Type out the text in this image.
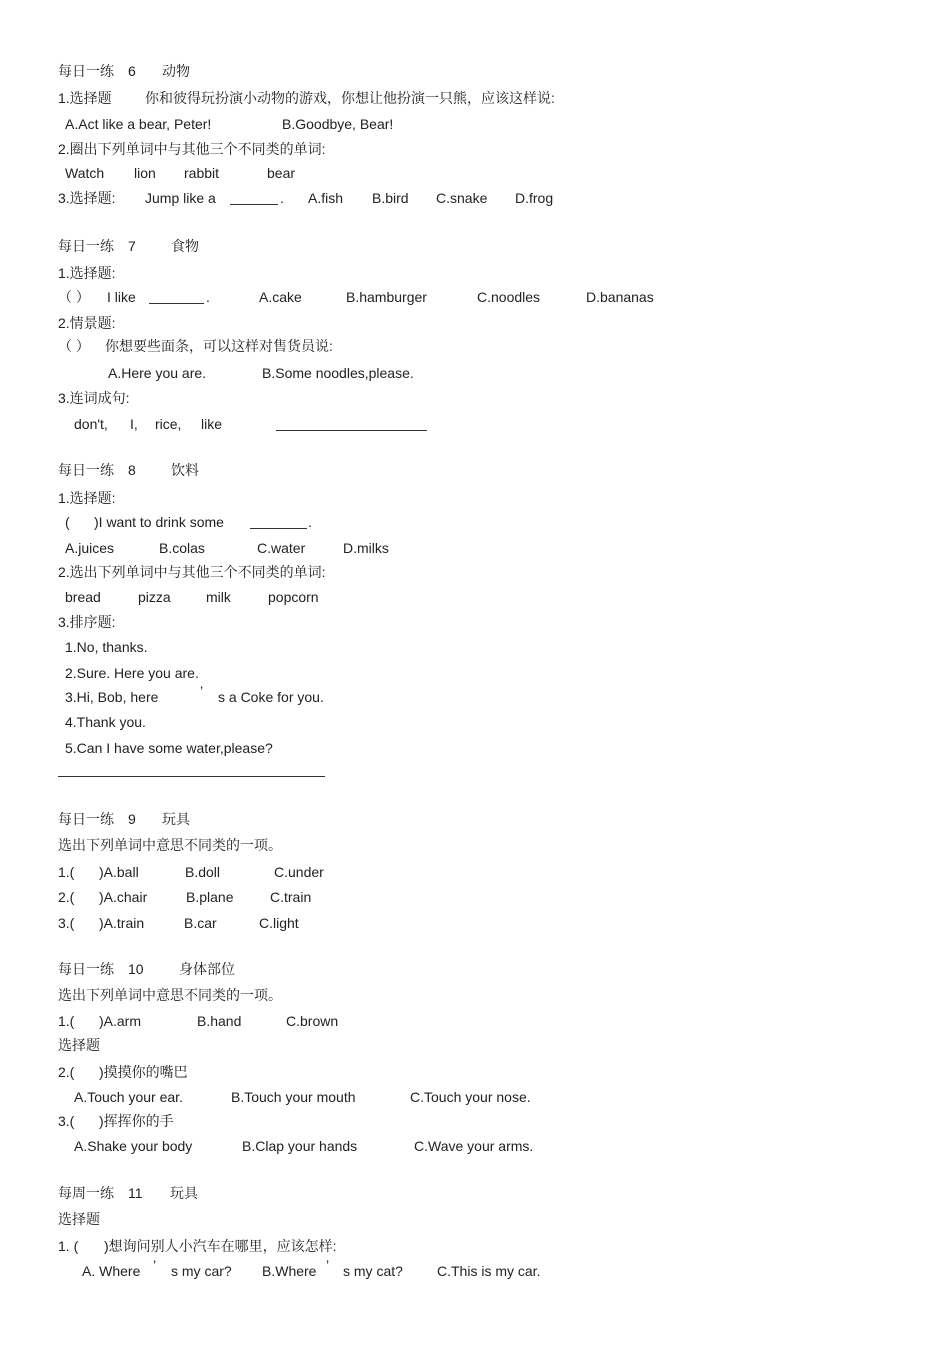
每日一练 6 动物
1.选择题 你和彼得玩扮演小动物的游戏，你想让他扮演一只熊，应该这样说:
A.Act like a bear, Peter!	B.Goodbye, Bear!
2.圈出下列单词中与其他三个不同类的单词:
Watch lion rabbit	bear
3.选择题: Jump like a	. A.fish B.bird C.snake D.frog
每日一练 7	食物
1.选择题:
（ ） I like	.	A.cake	B.hamburger	C.noodles	D.bananas
2.情景题:
（ ） 你想要些面条，可以这样对售货员说:
A.Here you are.	B.Some noodles,please.
3.连词成句:
don't, I, rice, like
每日一练 8	饮料
1.选择题:
( )I want to drink some	.
A.juices	B.colas	C.water	D.milks
2.选出下列单词中与其他三个不同类的单词:
bread	pizza	milk	popcorn
3.排序题:
1.No, thanks.
2.Sure. Here you are.
3.Hi, Bob, here	’ s a Coke for you.
4.Thank you.
5.Can I have some water,please?
每日一练 9 玩具
选出下列单词中意思不同类的一项。
1.( )A.ball	B.doll	C.under
2.( )A.chair	B.plane	C.train
3.( )A.train	B.car	C.light
每日一练 10	身体部位
选出下列单词中意思不同类的一项。
1.( )A.arm	B.hand	C.brown
选择题
2.( )摸摸你的嘴巴
A.Touch your ear.	B.Touch your mouth	C.Touch your nose.
3.( )挥挥你的手
A.Shake your body	B.Clap your hands	C.Wave your arms.
每周一练 11 玩具
选择题
1. ( )想询问别人小汽车在哪里，应该怎样:
A. Where ’ s my car? B.Where ’ s my cat? C.This is my car.
